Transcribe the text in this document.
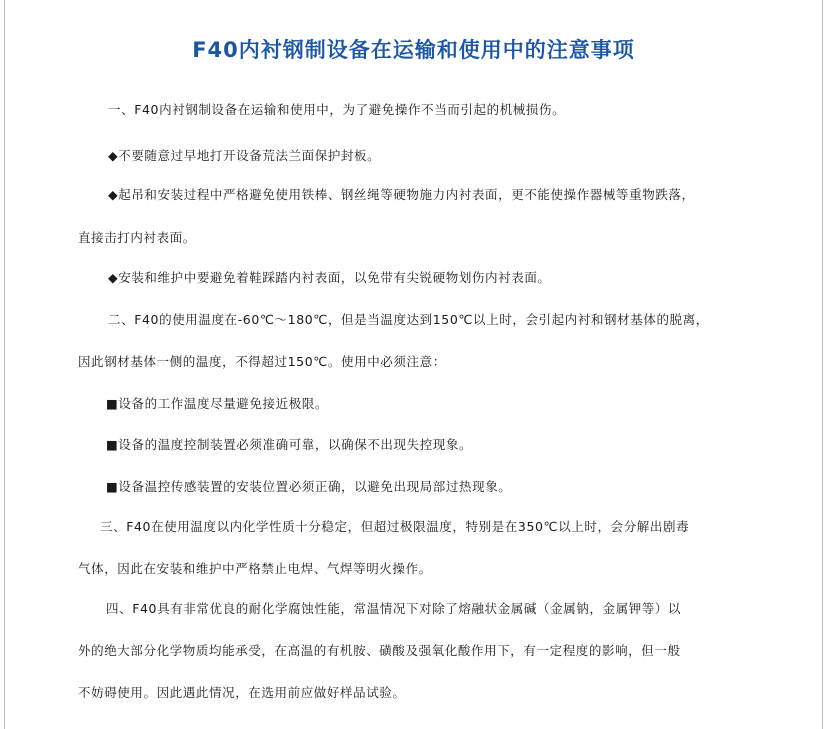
F40内衬钢制设备在运输和使用中的注意事项
一、F40内衬钢制设备在运输和使用中，为了避免操作不当而引起的机械损伤。
◆不要随意过早地打开设备荒法兰面保护封板。
◆起吊和安装过程中严格避免使用铁棒、钢丝绳等硬物施力内衬表面，更不能使操作器械等重物跌落，
直接击打内衬表面。
◆安装和维护中要避免着鞋踩踏内衬表面，以免带有尖锐硬物划伤内衬表面。
二、F40的使用温度在-60℃～180℃，但是当温度达到150℃以上时，会引起内衬和钢材基体的脱离，
因此钢材基体一侧的温度，不得超过150℃。使用中必须注意：
■设备的工作温度尽量避免接近极限。
■设备的温度控制装置必须准确可靠，以确保不出现失控现象。
■设备温控传感装置的安装位置必须正确，以避免出现局部过热现象。
三、F40在使用温度以内化学性质十分稳定，但超过极限温度，特别是在350℃以上时，会分解出剧毒
气体，因此在安装和维护中严格禁止电焊、气焊等明火操作。
四、F40具有非常优良的耐化学腐蚀性能，常温情况下对除了熔融状金属碱（金属钠，金属钾等）以
外的绝大部分化学物质均能承受，在高温的有机胺、磺酸及强氧化酸作用下，有一定程度的影响，但一般
不妨碍使用。因此遇此情况，在选用前应做好样品试验。
